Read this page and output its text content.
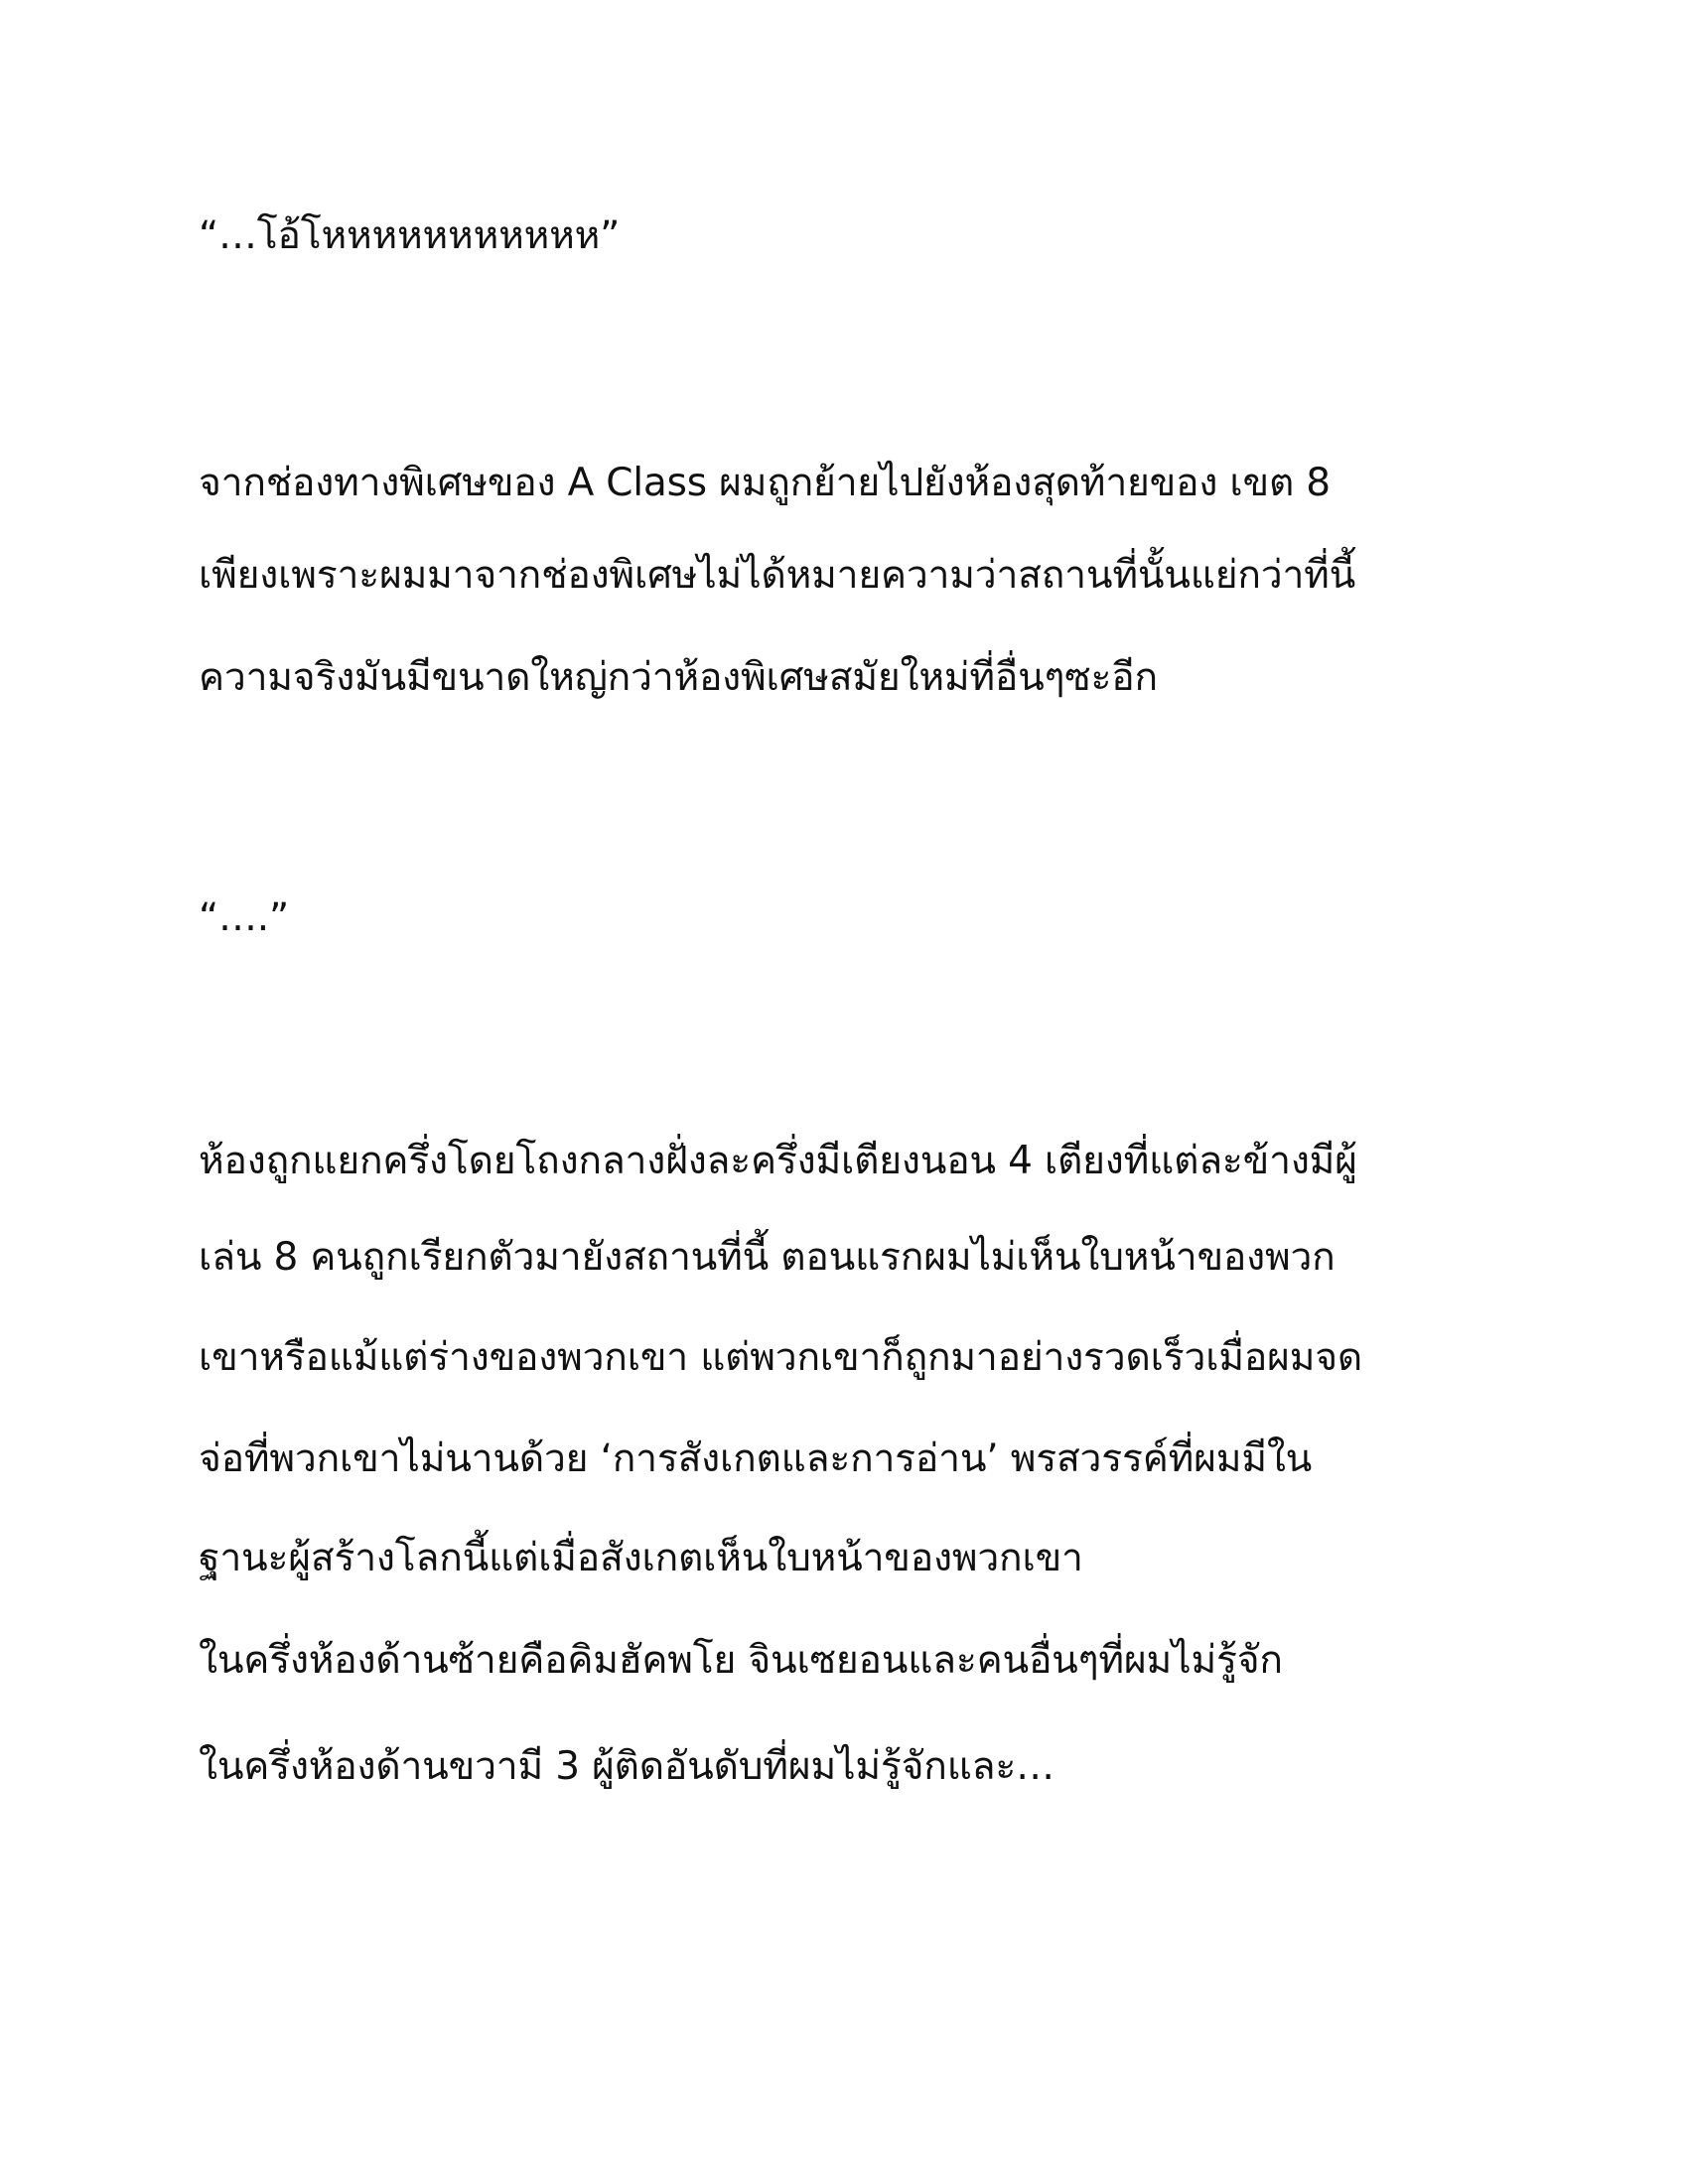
“…โอ้โหหหหหหหหหหห”
จากช่องทางพิเศษของ A Class ผมถูกย้ายไปยังห้องสุดท้ายของ เขต 8
เพียงเพราะผมมาจากช่องพิเศษไม่ได้หมายความว่าสถานที่นั้นแย่กว่าที่นี้
ความจริงมันมีขนาดใหญ่กว่าห้องพิเศษสมัยใหม่ที่อื่นๆซะอีก
“….”
ห้องถูกแยกครึ่งโดยโถงกลางฝั่งละครึ่งมีเตียงนอน 4 เตียงที่แต่ละข้างมีผู้
เล่น 8 คนถูกเรียกตัวมายังสถานที่นี้ ตอนแรกผมไม่เห็นใบหน้าของพวก
เขาหรือแม้แต่ร่างของพวกเขา แต่พวกเขาก็ถูกมาอย่างรวดเร็วเมื่อผมจด
จ่อที่พวกเขาไม่นานด้วย ‘การสังเกตและการอ่าน’ พรสวรรค์ที่ผมมีใน
ฐานะผู้สร้างโลกนี้แต่เมื่อสังเกตเห็นใบหน้าของพวกเขา
ในครึ่งห้องด้านซ้ายคือคิมฮัคพโย จินเซยอนและคนอื่นๆที่ผมไม่รู้จัก
ในครึ่งห้องด้านขวามี 3 ผู้ติดอันดับที่ผมไม่รู้จักและ…
